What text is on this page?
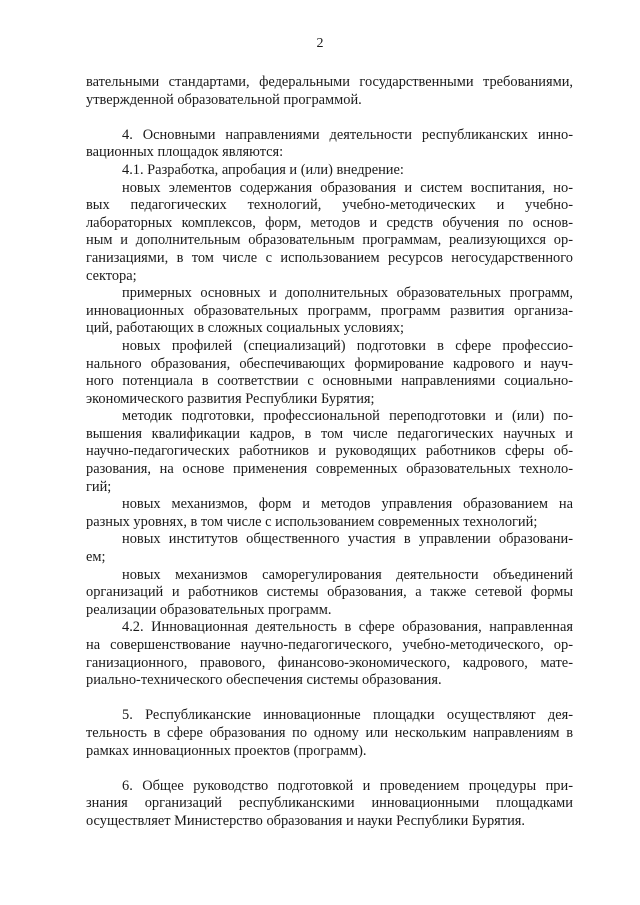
2
вательными стандартами, федеральными государственными требованиями,
утвержденной образовательной программой.
4. Основными направлениями деятельности республиканских инно-
вационных площадок являются:
4.1. Разработка, апробация и (или) внедрение:
новых элементов содержания образования и систем воспитания, но-
вых педагогических технологий, учебно-методических и учебно-
лабораторных комплексов, форм, методов и средств обучения по основ-
ным и дополнительным образовательным программам, реализующихся ор-
ганизациями, в том числе с использованием ресурсов негосударственного
сектора;
примерных основных и дополнительных образовательных программ,
инновационных образовательных программ, программ развития организа-
ций, работающих в сложных социальных условиях;
новых профилей (специализаций) подготовки в сфере профессио-
нального образования, обеспечивающих формирование кадрового и науч-
ного потенциала в соответствии с основными направлениями социально-
экономического развития Республики Бурятия;
методик подготовки, профессиональной переподготовки и (или) по-
вышения квалификации кадров, в том числе педагогических научных и
научно-педагогических работников и руководящих работников сферы об-
разования, на основе применения современных образовательных техноло-
гий;
новых механизмов, форм и методов управления образованием на
разных уровнях, в том числе с использованием современных технологий;
новых институтов общественного участия в управлении образовани-
ем;
новых механизмов саморегулирования деятельности объединений
организаций и работников системы образования, а также сетевой формы
реализации образовательных программ.
4.2. Инновационная деятельность в сфере образования, направленная
на совершенствование научно-педагогического, учебно-методического, ор-
ганизационного, правового, финансово-экономического, кадрового, мате-
риально-технического обеспечения системы образования.
5. Республиканские инновационные площадки осуществляют дея-
тельность в сфере образования по одному или нескольким направлениям в
рамках инновационных проектов (программ).
6. Общее руководство подготовкой и проведением процедуры при-
знания организаций республиканскими инновационными площадками
осуществляет Министерство образования и науки Республики Бурятия.
